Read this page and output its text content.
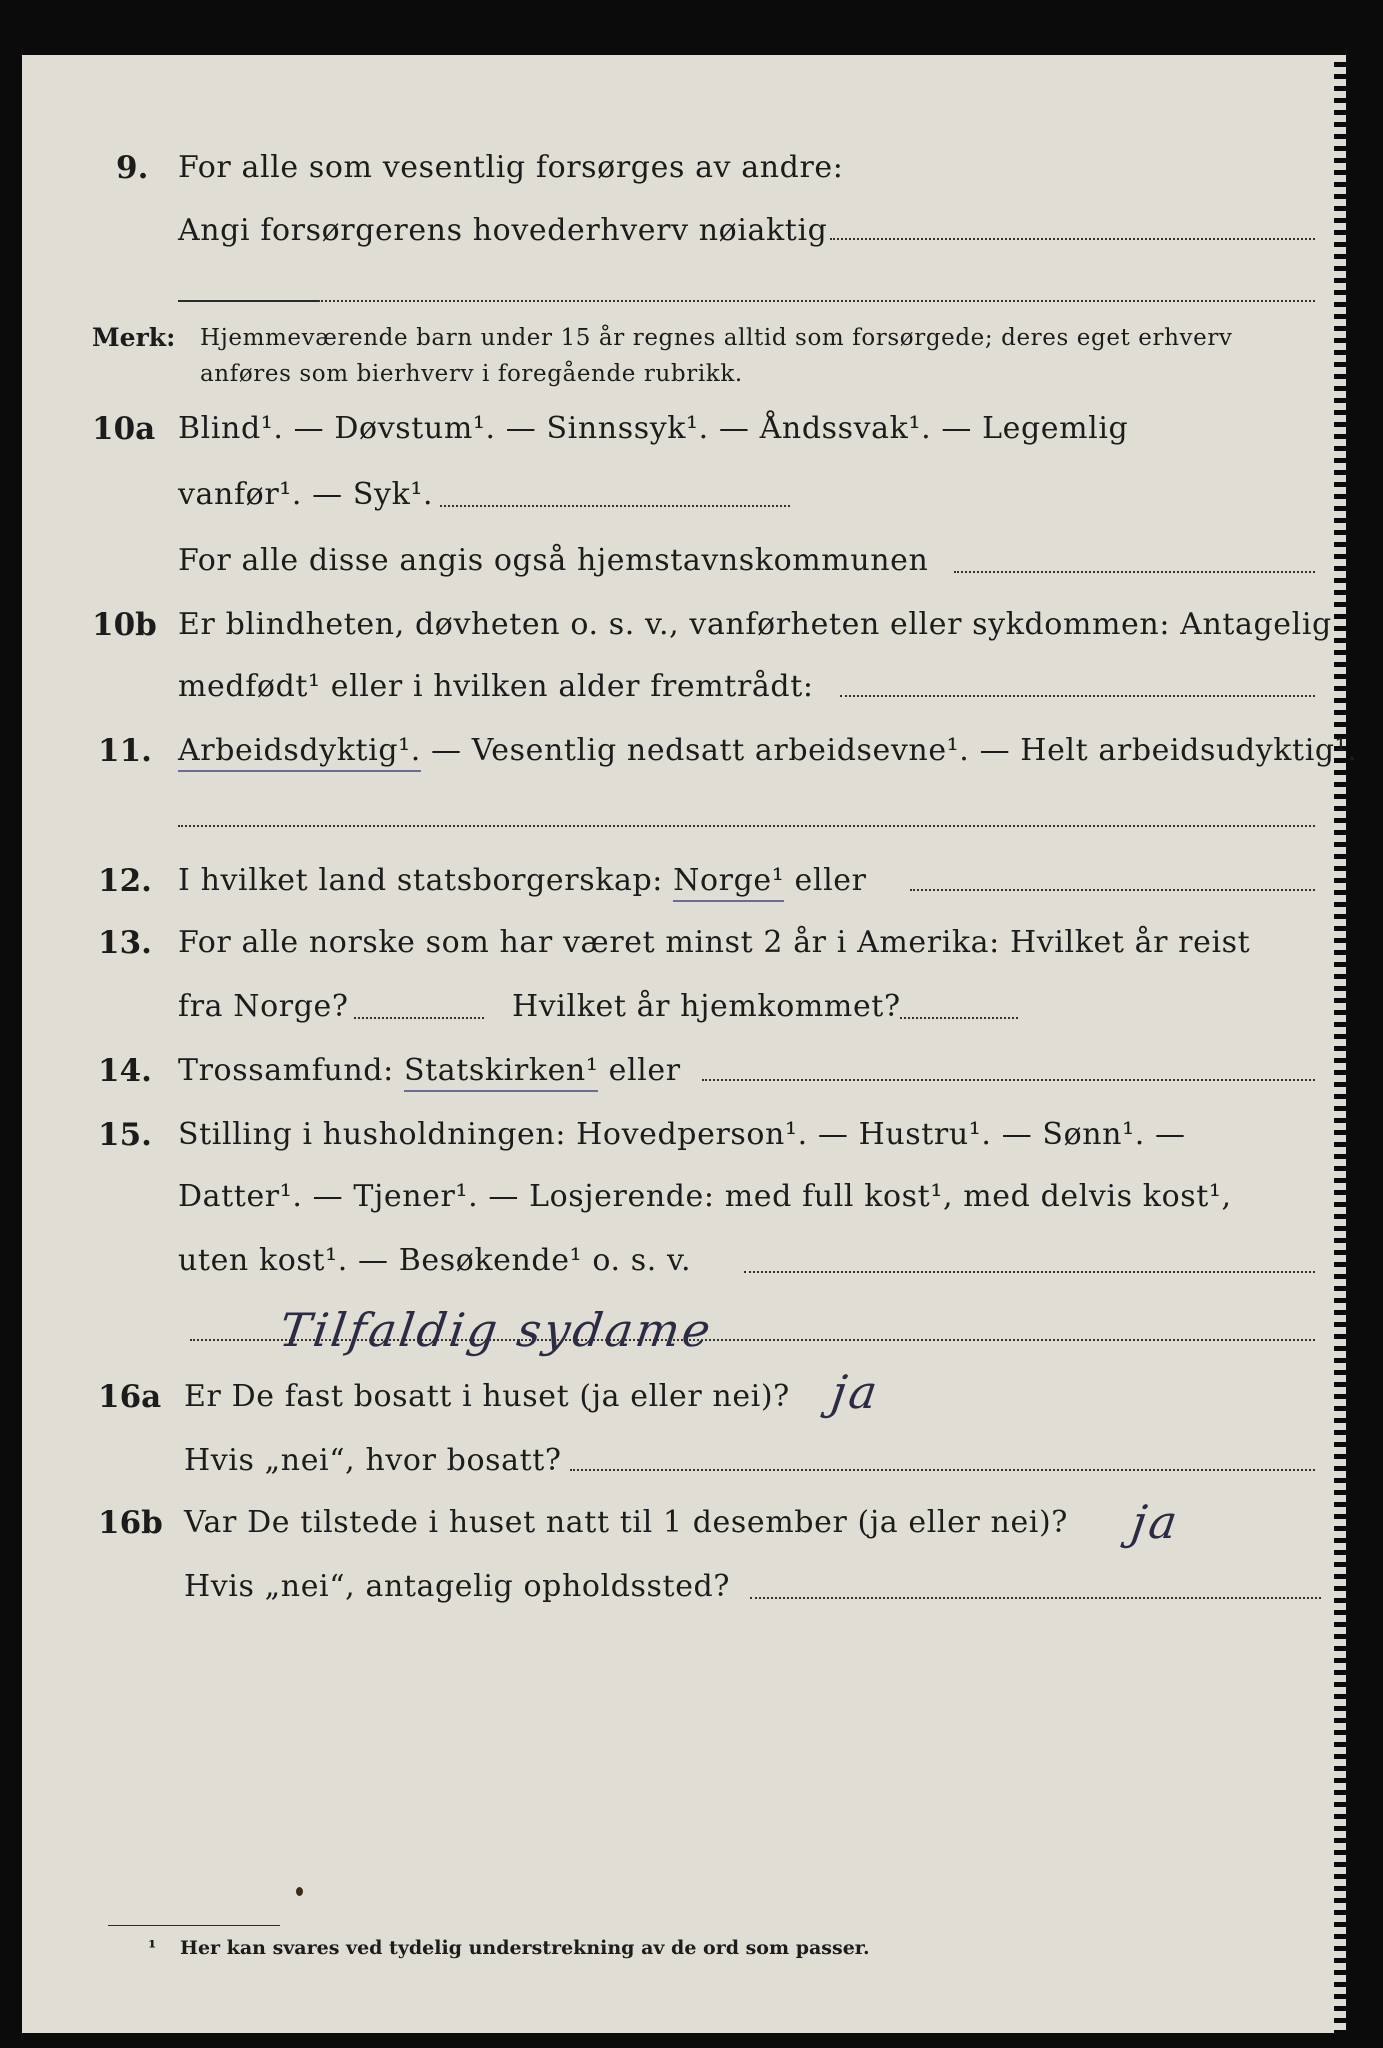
9. For alle som vesentlig forsørges av andre:
Angi forsørgerens hovederhverv nøiaktig
Merk: Hjemmeværende barn under 15 år regnes alltid som forsørgede; deres eget erhverv
anføres som bierhverv i foregående rubrikk.
10a Blind¹. — Døvstum¹. — Sinnssyk¹. — Åndssvak¹. — Legemlig
vanfør¹. — Syk¹.
For alle disse angis også hjemstavnskommunen
10b Er blindheten, døvheten o. s. v., vanførheten eller sykdommen: Antagelig
medfødt¹ eller i hvilken alder fremtrådt:
11. Arbeidsdyktig¹. — Vesentlig nedsatt arbeidsevne¹. — Helt arbeidsudyktig¹.
12. I hvilket land statsborgerskap: Norge¹ eller
13. For alle norske som har været minst 2 år i Amerika: Hvilket år reist
fra Norge?	Hvilket år hjemkommet?
14. Trossamfund: Statskirken¹ eller
15. Stilling i husholdningen: Hovedperson¹. — Hustru¹. — Sønn¹. —
Datter¹. — Tjener¹. — Losjerende: med full kost¹, med delvis kost¹,
uten kost¹. — Besøkende¹ o. s. v.
Tilfaldig sydame
16a Er De fast bosatt i huset (ja eller nei)? ja
Hvis „nei“, hvor bosatt?
16b Var De tilstede i huset natt til 1 desember (ja eller nei)? ja
Hvis „nei“, antagelig opholdssted?
¹ Her kan svares ved tydelig understrekning av de ord som passer.
